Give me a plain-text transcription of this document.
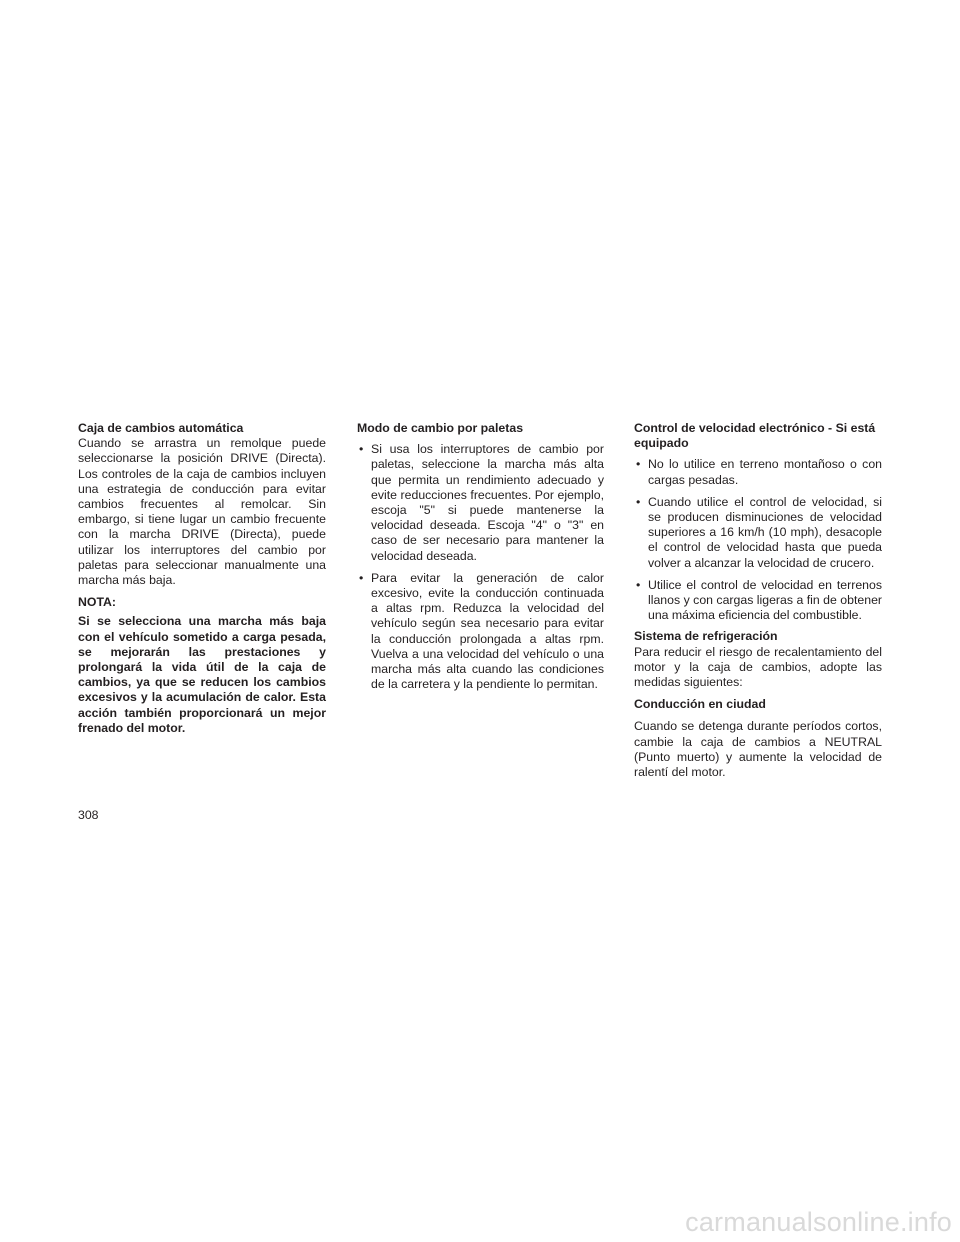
Caja de cambios automática

Cuando se arrastra un remolque puede seleccionarse la posición DRIVE (Directa). Los controles de la caja de cambios incluyen una estrategia de conducción para evitar cambios frecuentes al remolcar. Sin embargo, si tiene lugar un cambio frecuente con la marcha DRIVE (Directa), puede utilizar los interruptores del cambio por paletas para seleccionar manualmente una marcha más baja.

NOTA:

Si se selecciona una marcha más baja con el vehículo sometido a carga pesada, se mejorarán las prestaciones y prolongará la vida útil de la caja de cambios, ya que se reducen los cambios excesivos y la acumulación de calor. Esta acción también proporcionará un mejor frenado del motor.

Modo de cambio por paletas

• Si usa los interruptores de cambio por paletas, seleccione la marcha más alta que permita un rendimiento adecuado y evite reducciones frecuentes. Por ejemplo, escoja "5" si puede mantenerse la velocidad deseada. Escoja "4" o "3" en caso de ser necesario para mantener la velocidad deseada.
• Para evitar la generación de calor excesivo, evite la conducción continuada a altas rpm. Reduzca la velocidad del vehículo según sea necesario para evitar la conducción prolongada a altas rpm. Vuelva a una velocidad del vehículo o una marcha más alta cuando las condiciones de la carretera y la pendiente lo permitan.

Control de velocidad electrónico - Si está equipado

• No lo utilice en terreno montañoso o con cargas pesadas.
• Cuando utilice el control de velocidad, si se producen disminuciones de velocidad superiores a 16 km/h (10 mph), desacople el control de velocidad hasta que pueda volver a alcanzar la velocidad de crucero.
• Utilice el control de velocidad en terrenos llanos y con cargas ligeras a fin de obtener una máxima eficiencia del combustible.

Sistema de refrigeración

Para reducir el riesgo de recalentamiento del motor y la caja de cambios, adopte las medidas siguientes:

Conducción en ciudad

Cuando se detenga durante períodos cortos, cambie la caja de cambios a NEUTRAL (Punto muerto) y aumente la velocidad de ralentí del motor.

308
carmanualsonline.info
